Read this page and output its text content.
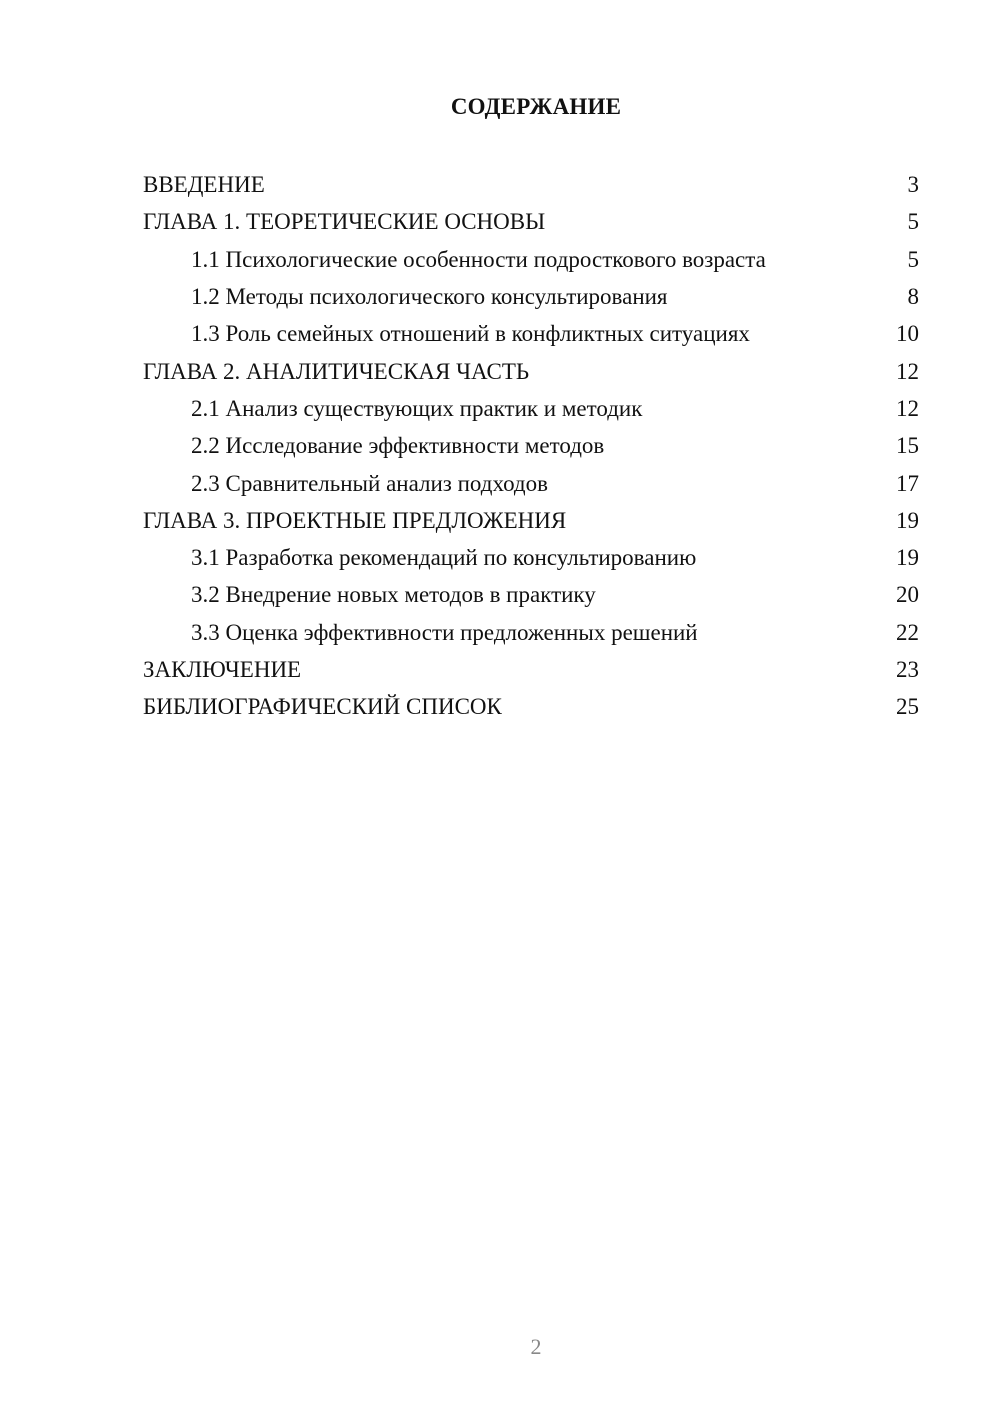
СОДЕРЖАНИЕ
ВВЕДЕНИЕ	3
ГЛАВА 1. ТЕОРЕТИЧЕСКИЕ ОСНОВЫ	5
1.1 Психологические особенности подросткового возраста	5
1.2 Методы психологического консультирования	8
1.3 Роль семейных отношений в конфликтных ситуациях	10
ГЛАВА 2. АНАЛИТИЧЕСКАЯ ЧАСТЬ	12
2.1 Анализ существующих практик и методик	12
2.2 Исследование эффективности методов	15
2.3 Сравнительный анализ подходов	17
ГЛАВА 3. ПРОЕКТНЫЕ ПРЕДЛОЖЕНИЯ	19
3.1 Разработка рекомендаций по консультированию	19
3.2 Внедрение новых методов в практику	20
3.3 Оценка эффективности предложенных решений	22
ЗАКЛЮЧЕНИЕ	23
БИБЛИОГРАФИЧЕСКИЙ СПИСОК	25
2
